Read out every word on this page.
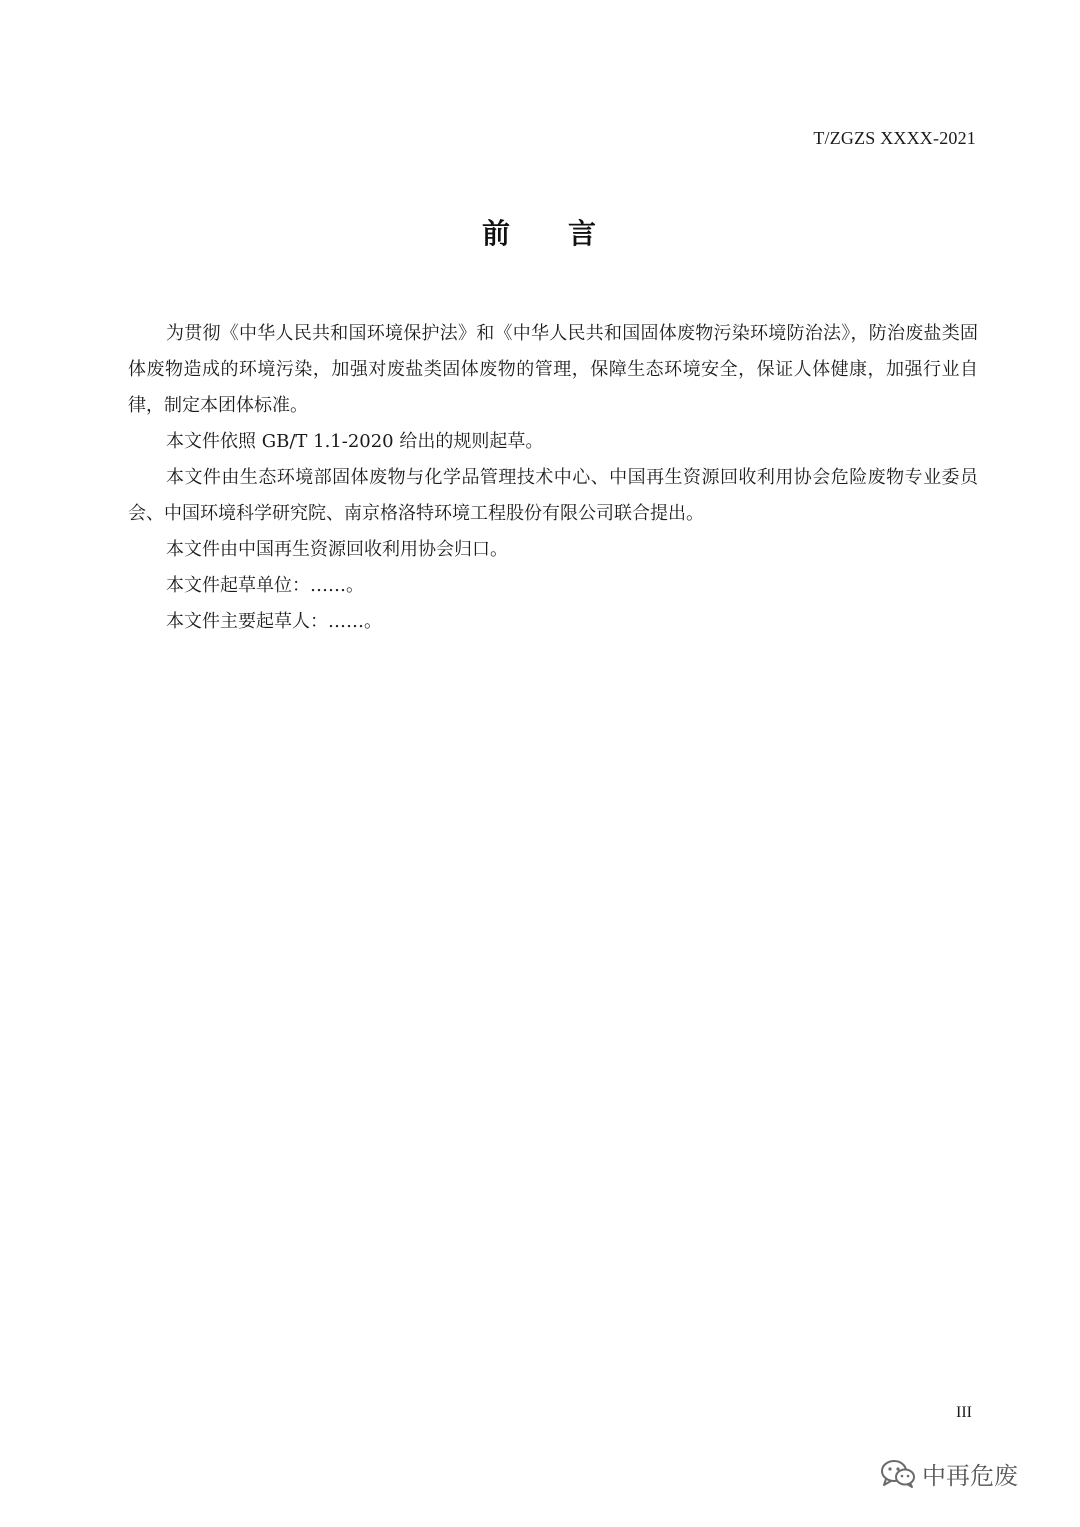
T/ZGZS XXXX-2021
前 言

为贯彻《中华人民共和国环境保护法》和《中华人民共和国固体废物污染环境防治法》，防治废盐类固体废物造成的环境污染，加强对废盐类固体废物的管理，保障生态环境安全，保证人体健康，加强行业自律，制定本团体标准。

本文件依照 GB/T 1.1-2020 给出的规则起草。

本文件由生态环境部固体废物与化学品管理技术中心、中国再生资源回收利用协会危险废物专业委员会、中国环境科学研究院、南京格洛特环境工程股份有限公司联合提出。

本文件由中国再生资源回收利用协会归口。

本文件起草单位：……。

本文件主要起草人：……。

III
中再危废
